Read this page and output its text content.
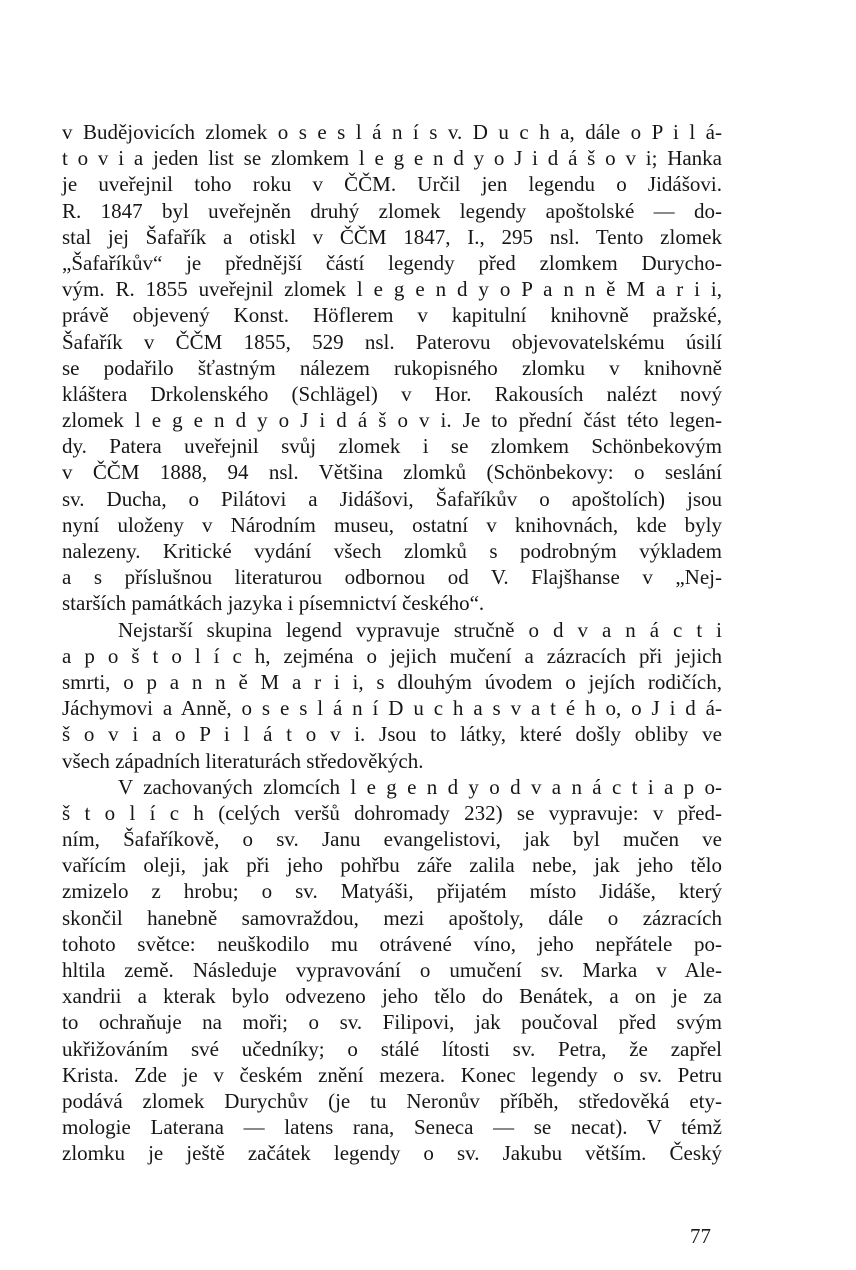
v Budějovicích zlomek o s e s l á n í s v. D u c h a, dále o P i l á-
t o v i a jeden list se zlomkem l e g e n d y o J i d á š o v i; Hanka
je uveřejnil toho roku v ČČM. Určil jen legendu o Jidášovi.
R. 1847 byl uveřejněn druhý zlomek legendy apoštolské — do-
stal jej Šafařík a otiskl v ČČM 1847, I., 295 nsl. Tento zlomek
„Šafaříkův“ je přednější částí legendy před zlomkem Durycho-
vým. R. 1855 uveřejnil zlomek l e g e n d y o P a n n ě M a r i i,
právě objevený Konst. Höflerem v kapitulní knihovně pražské,
Šafařík v ČČM 1855, 529 nsl. Paterovu objevovatelskému úsilí
se podařilo šťastným nálezem rukopisného zlomku v knihovně
kláštera Drkolenského (Schlägel) v Hor. Rakousích nalézt nový
zlomek l e g e n d y o J i d á š o v i. Je to přední část této legen-
dy. Patera uveřejnil svůj zlomek i se zlomkem Schönbekovým
v ČČM 1888, 94 nsl. Většina zlomků (Schönbekovy: o seslání
sv. Ducha, o Pilátovi a Jidášovi, Šafaříkův o apoštolích) jsou
nyní uloženy v Národním museu, ostatní v knihovnách, kde byly
nalezeny. Kritické vydání všech zlomků s podrobným výkladem
a s příslušnou literaturou odbornou od V. Flajšhanse v „Nej-
starších památkách jazyka i písemnictví českého“.
Nejstarší skupina legend vypravuje stručně o d v a n á c t i
a p o š t o l í c h, zejména o jejich mučení a zázracích při jejich
smrti, o p a n n ě M a r i i, s dlouhým úvodem o jejích rodičích,
Jáchymovi a Anně, o s e s l á n í D u c h a s v a t é h o, o J i d á-
š o v i a o P i l á t o v i. Jsou to látky, které došly obliby ve
všech západních literaturách středověkých.
V zachovaných zlomcích l e g e n d y o d v a n á c t i a p o-
š t o l í c h (celých veršů dohromady 232) se vypravuje: v před-
ním, Šafaříkově, o sv. Janu evangelistovi, jak byl mučen ve
vařícím oleji, jak při jeho pohřbu záře zalila nebe, jak jeho tělo
zmizelo z hrobu; o sv. Matyáši, přijatém místo Jidáše, který
skončil hanebně samovraždou, mezi apoštoly, dále o zázracích
tohoto světce: neuškodilo mu otrávené víno, jeho nepřátele po-
hltila země. Následuje vypravování o umučení sv. Marka v Ale-
xandrii a kterak bylo odvezeno jeho tělo do Benátek, a on je za
to ochraňuje na moři; o sv. Filipovi, jak poučoval před svým
ukřižováním své učedníky; o stálé lítosti sv. Petra, že zapřel
Krista. Zde je v českém znění mezera. Konec legendy o sv. Petru
podává zlomek Durychův (je tu Neronův příběh, středověká ety-
mologie Laterana — latens rana, Seneca — se necat). V témž
zlomku je ještě začátek legendy o sv. Jakubu větším. Český
77
